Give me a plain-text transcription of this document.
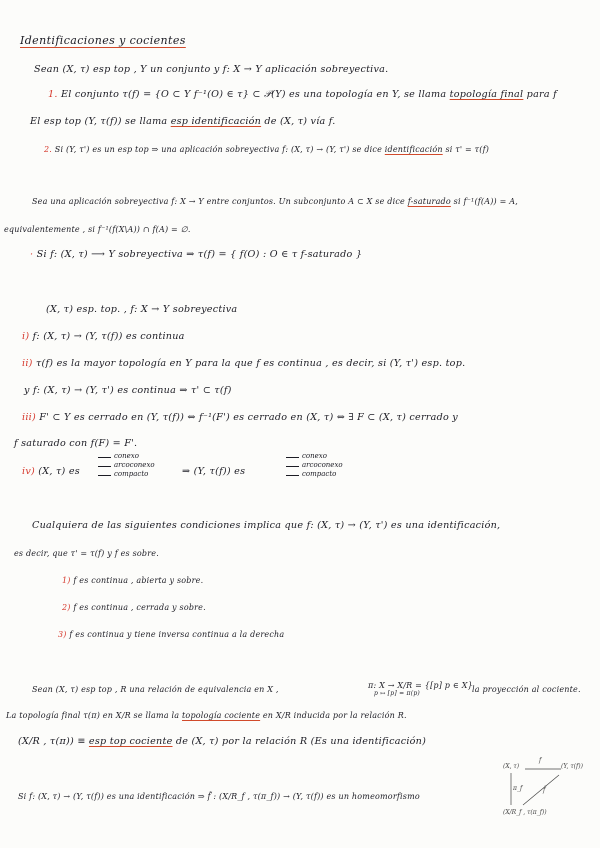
Identificaciones y cocientes
Sean (X, τ) esp top , Y un conjunto y f: X → Y aplicación sobreyectiva.
1. El conjunto τ(f) = {O ⊂ Y f⁻¹(O) ∈ τ} ⊂ 𝒫(Y) es una topología en Y, se llama topología final para f
El esp top (Y, τ(f)) se llama esp identificación de (X, τ) vía f.
2. Si (Y, τ') es un esp top ⇒ una aplicación sobreyectiva f: (X, τ) → (Y, τ') se dice identificación si τ' = τ(f)
Sea una aplicación sobreyectiva f: X → Y entre conjuntos. Un subconjunto A ⊂ X se dice f-saturado si f⁻¹(f(A)) = A,
equivalentemente , si f⁻¹(f(X\A)) ∩ f(A) = ∅.
· Si f: (X, τ) ⟶ Y sobreyectiva ⇒ τ(f) = { f(O) : O ∈ τ f-saturado }
(X, τ) esp. top. , f: X → Y sobreyectiva
i) f: (X, τ) → (Y, τ(f)) es continua
ii) τ(f) es la mayor topología en Y para la que f es continua , es decir, si (Y, τ') esp. top.
y f: (X, τ) → (Y, τ') es continua ⇒ τ' ⊂ τ(f)
iii) F' ⊂ Y es cerrado en (Y, τ(f)) ⇔ f⁻¹(F') es cerrado en (X, τ) ⇔ ∃ F ⊂ (X, τ) cerrado y
f saturado con f(F) = F'.
iv) (X, τ) es
conexo
arcoconexo
compacto	⇒ (Y, τ(f)) es
conexo
arcoconexo
compacto
Cualquiera de las siguientes condiciones implica que f: (X, τ) → (Y, τ') es una identificación,
es decir, que τ' = τ(f) y f es sobre.
1) f es continua , abierta y sobre.
2) f es continua , cerrada y sobre.
3) f es continua y tiene inversa continua a la derecha
Sean (X, τ) esp top , R una relación de equivalencia en X ,	π: X → X/R = {[p] p ∈ X}
p ↦ [p] = π(p)	la proyección al cociente.
La topología final τ(π) en X/R se llama la topología cociente en X/R inducida por la relación R.
(X/R , τ(π)) ≡ esp top cociente de (X, τ) por la relación R (Es una identificación)
Si f: (X, τ) → (Y, τ(f)) es una identificación ⇒ f̃ : (X/R_f , τ(π_f)) → (Y, τ(f)) es un homeomorfismo
(X, τ)
f
(Y, τ(f))
π_f	f̃
(X/R_f , τ(π_f))
